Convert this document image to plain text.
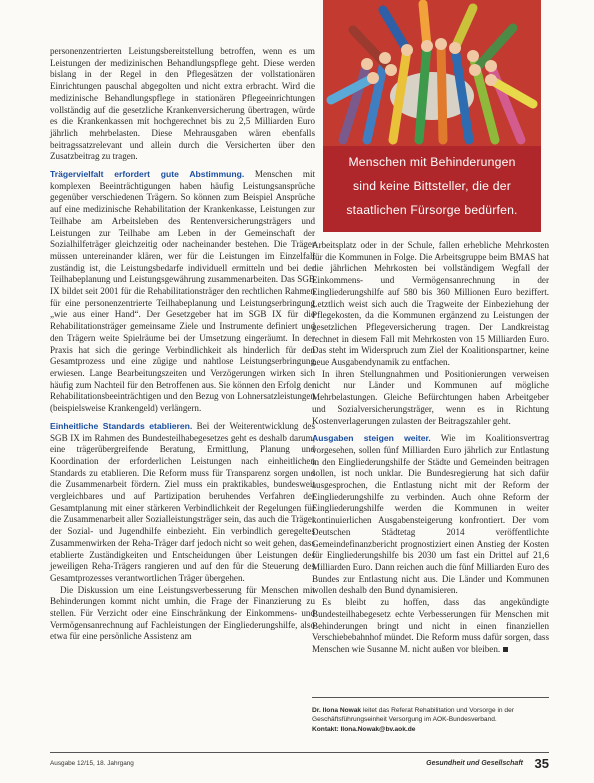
Menschen mit Behinderungen
sind keine Bittsteller, die der
staatlichen Fürsorge bedürfen.

personenzentrierten Leistungsbereitstellung betroffen, wenn es um Leistungen der medizinischen Behandlungspflege geht. Diese werden bislang in der Regel in den Pflegesätzen der vollstationären Einrichtungen pauschal abgegolten und nicht extra erbracht. Wird die medizinische Behandlungspflege in stationären Pflegeeinrichtungen vollständig auf die gesetzliche Krankenversicherung übertragen, würde es die Krankenkassen mit hochgerechnet bis zu 2,5 Milliarden Euro jährlich mehrbelasten. Diese Mehrausgaben wären ebenfalls beitragssatzrelevant und allein durch die Versicherten über den Zusatzbeitrag zu tragen.

Trägervielfalt erfordert gute Abstimmung. Menschen mit komplexen Beeinträchtigungen haben häufig Leistungsansprüche gegenüber verschiedenen Trägern. So können zum Beispiel Ansprüche auf eine medizinische Rehabilitation der Krankenkasse, Leistungen zur Teilhabe am Arbeitsleben des Rentenversicherungsträgers und Leistungen zur Teilhabe am Leben in der Gemeinschaft der Sozialhilfeträger gleichzeitig oder nacheinander bestehen. Die Träger müssen untereinander klären, wer für die Leistungen im Einzelfall zuständig ist, die Leistungsbedarfe individuell ermitteln und bei der Teilhabeplanung und Leistungsgewährung zusammenarbeiten. Das SGB IX bildet seit 2001 für die Rehabilitationsträger den rechtlichen Rahmen für eine personenzentrierte Teilhabeplanung und Leistungserbringung „wie aus einer Hand“. Der Gesetzgeber hat im SGB IX für die Rehabilitationsträger gemeinsame Ziele und Instrumente definiert und den Trägern weite Spielräume bei der Umsetzung eingeräumt. In der Praxis hat sich die geringe Verbindlichkeit als hinderlich für den Gesamtprozess und eine zügige und nahtlose Leistungserbringung erwiesen. Lange Bearbeitungszeiten und Verzögerungen wirken sich häufig zum Nachteil für den Betroffenen aus. Sie können den Erfolg der Rehabilitationsbeeinträchtigen und den Bezug von Lohnersatzleistungen (beispielsweise Krankengeld) verlängern.

Einheitliche Standards etablieren. Bei der Weiterentwicklung des SGB IX im Rahmen des Bundesteilhabegesetzes geht es deshalb darum, eine trägerübergreifende Beratung, Ermittlung, Planung und Koordination der erforderlichen Leistungen nach einheitlichen Standards zu etablieren. Die Reform muss für Transparenz sorgen und die Zusammenarbeit fördern. Ziel muss ein praktikables, bundesweit vergleichbares und auf Partizipation beruhendes Verfahren der Gesamtplanung mit einer stärkeren Verbindlichkeit der Regelungen für die Zusammenarbeit aller Sozialleistungsträger sein, das auch die Träger der Sozial- und Jugendhilfe einbezieht. Ein verbindlich geregeltes Zusammenwirken der Reha-Träger darf jedoch nicht so weit gehen, dass etablierte Zuständigkeiten und Entscheidungen über Leistungen des jeweiligen Reha-Trägers rangieren und auf den für die Steuerung des Gesamtprozesses verantwortlichen Träger übergehen.

Die Diskussion um eine Leistungsverbesserung für Menschen mit Behinderungen kommt nicht umhin, die Frage der Finanzierung zu stellen. Für Verzicht oder eine Einschränkung der Einkommens- und Vermögensanrechnung auf Fachleistungen der Eingliederungshilfe, also etwa für eine persönliche Assistenz am

Arbeitsplatz oder in der Schule, fallen erhebliche Mehrkosten für die Kommunen in Folge. Die Arbeitsgruppe beim BMAS hat die jährlichen Mehrkosten bei vollständigem Wegfall der Einkommens- und Vermögensanrechnung in der Eingliederungshilfe auf 580 bis 360 Millionen Euro beziffert. Letztlich weist sich auch die Tragweite der Einbeziehung der Pflegekosten, da die Kommunen ergänzend zu Leistungen der gesetzlichen Pflegeversicherung tragen. Der Landkreistag rechnet in diesem Fall mit Mehrkosten von 15 Milliarden Euro. Das steht im Widerspruch zum Ziel der Koalitionspartner, keine neue Ausgabendynamik zu entfachen.

In ihren Stellungnahmen und Positionierungen verweisen nicht nur Länder und Kommunen auf mögliche Mehrbelastungen. Gleiche Befürchtungen haben Arbeitgeber und Sozialversicherungsträger, wenn es in Richtung Kostenverlagerungen zulasten der Beitragszahler geht.

Ausgaben steigen weiter. Wie im Koalitionsvertrag vorgesehen, sollen fünf Milliarden Euro jährlich zur Entlastung in den Eingliederungshilfe der Städte und Gemeinden beitragen sollen, ist noch unklar. Die Bundesregierung hat sich dafür ausgesprochen, die Entlastung nicht mit der Reform der Eingliederungshilfe zu verbinden. Auch ohne Reform der Eingliederungshilfe werden die Kommunen in weiter kontinuierlichen Ausgabensteigerung konfrontiert. Der vom Deutschen Städtetag 2014 veröffentlichte Gemeindefinanzbericht prognostiziert einen Anstieg der Kosten für Eingliederungshilfe bis 2030 um fast ein Drittel auf 21,6 Milliarden Euro. Dann reichen auch die fünf Milliarden Euro des Bundes zur Entlastung nicht aus. Die Länder und Kommunen wollen deshalb den Bund dynamisieren.

Es bleibt zu hoffen, dass das angekündigte Bundesteilhabegesetz echte Verbesserungen für Menschen mit Behinderungen bringt und nicht in einen finanziellen Verschiebebahnhof mündet. Die Reform muss dafür sorgen, dass Menschen wie Susanne M. nicht außen vor bleiben.

Dr. Ilona Nowak leitet das Referat Rehabilitation und Vorsorge in der Geschäftsführungseinheit Versorgung im AOK-Bundesverband.
Kontakt: Ilona.Nowak@bv.aok.de
Ausgabe 12/15, 18. Jahrgang	Gesundheit und Gesellschaft 35
